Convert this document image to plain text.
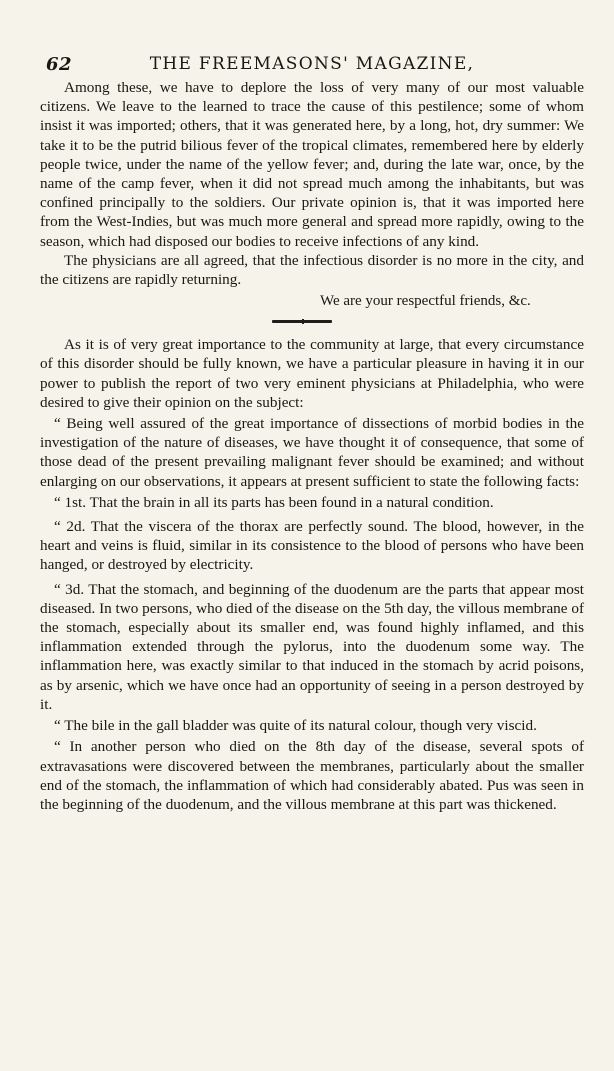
62	THE FREEMASONS' MAGAZINE,

Among these, we have to deplore the loss of very many of our most valuable citizens. We leave to the learned to trace the cause of this pestilence; some of whom insist it was imported; others, that it was generated here, by a long, hot, dry summer: We take it to be the putrid bilious fever of the tropical climates, remembered here by elderly people twice, under the name of the yellow fever; and, during the late war, once, by the name of the camp fever, when it did not spread much among the inhabitants, but was confined principally to the soldiers. Our private opinion is, that it was imported here from the West-Indies, but was much more general and spread more rapidly, owing to the season, which had disposed our bodies to receive infections of any kind.

The physicians are all agreed, that the infectious disorder is no more in the city, and the citizens are rapidly returning.

We are your respectful friends, &c.

As it is of very great importance to the community at large, that every circumstance of this disorder should be fully known, we have a particular pleasure in having it in our power to publish the report of two very eminent physicians at Philadelphia, who were desired to give their opinion on the subject:

“ Being well assured of the great importance of dissections of morbid bodies in the investigation of the nature of diseases, we have thought it of consequence, that some of those dead of the present prevailing malignant fever should be examined; and without enlarging on our observations, it appears at present sufficient to state the following facts:

“ 1st. That the brain in all its parts has been found in a natural condition.

“ 2d. That the viscera of the thorax are perfectly sound. The blood, however, in the heart and veins is fluid, similar in its consistence to the blood of persons who have been hanged, or destroyed by electricity.

“ 3d. That the stomach, and beginning of the duodenum are the parts that appear most diseased. In two persons, who died of the disease on the 5th day, the villous membrane of the stomach, especially about its smaller end, was found highly inflamed, and this inflammation extended through the pylorus, into the duodenum some way. The inflammation here, was exactly similar to that induced in the stomach by acrid poisons, as by arsenic, which we have once had an opportunity of seeing in a person destroyed by it.

“ The bile in the gall bladder was quite of its natural colour, though very viscid.

“ In another person who died on the 8th day of the disease, several spots of extravasations were discovered between the membranes, particularly about the smaller end of the stomach, the inflammation of which had considerably abated. Pus was seen in the beginning of the duodenum, and the villous membrane at this part was thickened.
